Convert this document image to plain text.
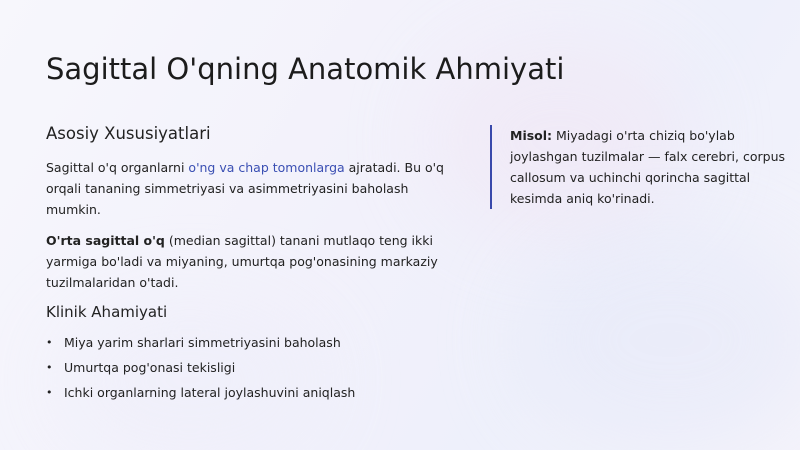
Sagittal O'qning Anatomik Ahmiyati
Asosiy Xususiyatlari

Sagittal o'q organlarni o'ng va chap tomonlarga ajratadi. Bu o'q orqali tananing simmetriyasi va asimmetriyasini baholash mumkin.

O'rta sagittal o'q (median sagittal) tanani mutlaqo teng ikki yarmiga bo'ladi va miyaning, umurtqa pog'onasining markaziy tuzilmalaridan o'tadi.

Klinik Ahamiyati
• Miya yarim sharlari simmetriyasini baholash
• Umurtqa pog'onasi tekisligi
• Ichki organlarning lateral joylashuvini aniqlash
Misol: Miyadagi o'rta chiziq bo'ylab joylashgan tuzilmalar — falx cerebri, corpus callosum va uchinchi qorincha sagittal kesimda aniq ko'rinadi.
